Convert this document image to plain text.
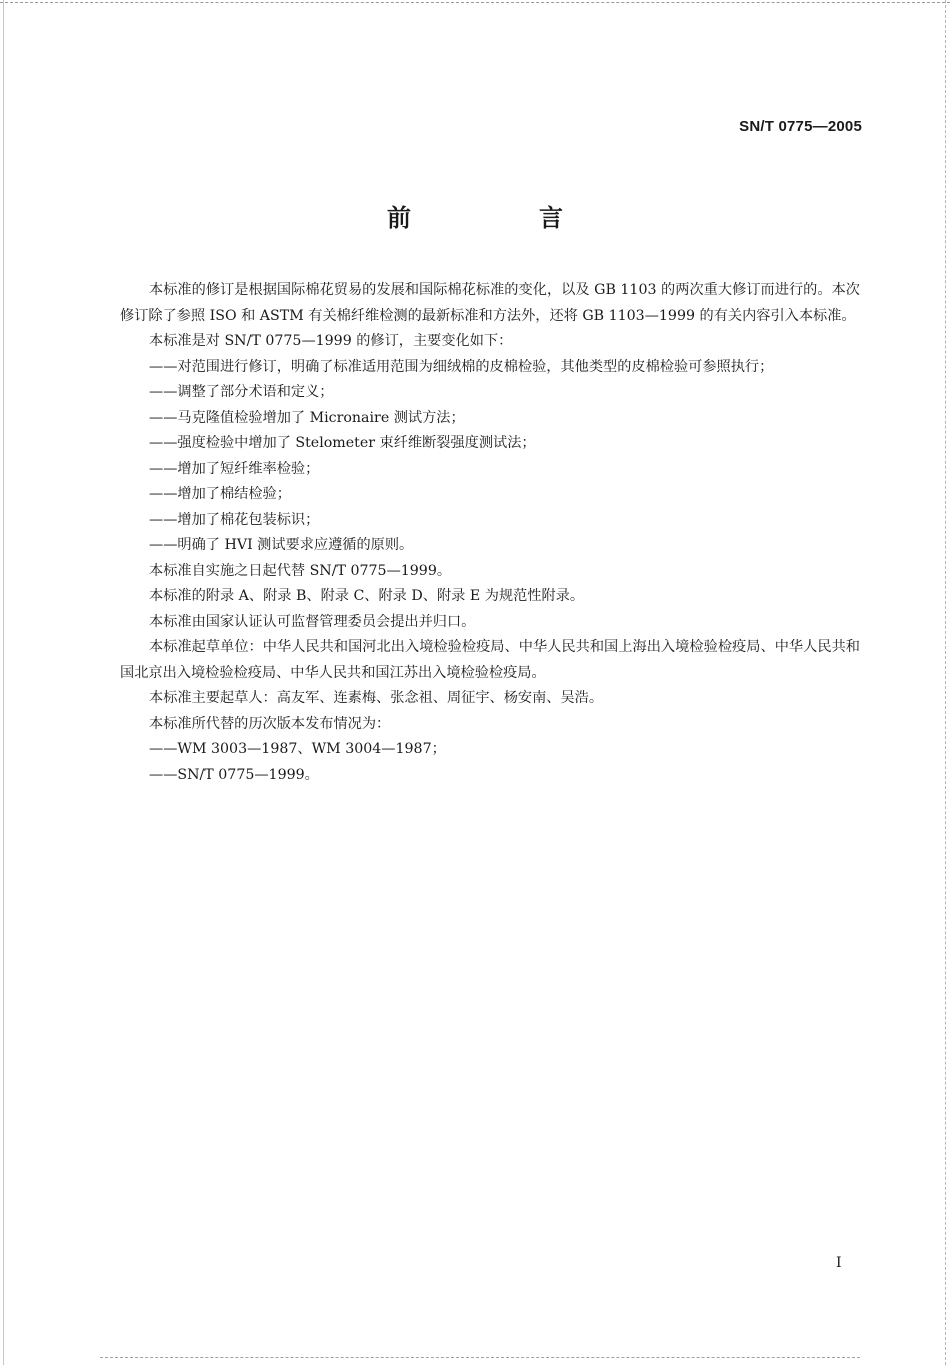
SN/T 0775—2005
前　言

本标准的修订是根据国际棉花贸易的发展和国际棉花标准的变化，以及 GB 1103 的两次重大修订而进行的。本次修订除了参照 ISO 和 ASTM 有关棉纤维检测的最新标准和方法外，还将 GB 1103—1999 的有关内容引入本标准。

本标准是对 SN/T 0775—1999 的修订，主要变化如下：

——对范围进行修订，明确了标准适用范围为细绒棉的皮棉检验，其他类型的皮棉检验可参照执行；

——调整了部分术语和定义；

——马克隆值检验增加了 Micronaire 测试方法；

——强度检验中增加了 Stelometer 束纤维断裂强度测试法；

——增加了短纤维率检验；

——增加了棉结检验；

——增加了棉花包装标识；

——明确了 HVI 测试要求应遵循的原则。

本标准自实施之日起代替 SN/T 0775—1999。

本标准的附录 A、附录 B、附录 C、附录 D、附录 E 为规范性附录。

本标准由国家认证认可监督管理委员会提出并归口。

本标准起草单位：中华人民共和国河北出入境检验检疫局、中华人民共和国上海出入境检验检疫局、中华人民共和国北京出入境检验检疫局、中华人民共和国江苏出入境检验检疫局。

本标准主要起草人：高友军、连素梅、张念祖、周征宇、杨安南、吴浩。

本标准所代替的历次版本发布情况为：

——WM 3003—1987、WM 3004—1987；

——SN/T 0775—1999。

I
